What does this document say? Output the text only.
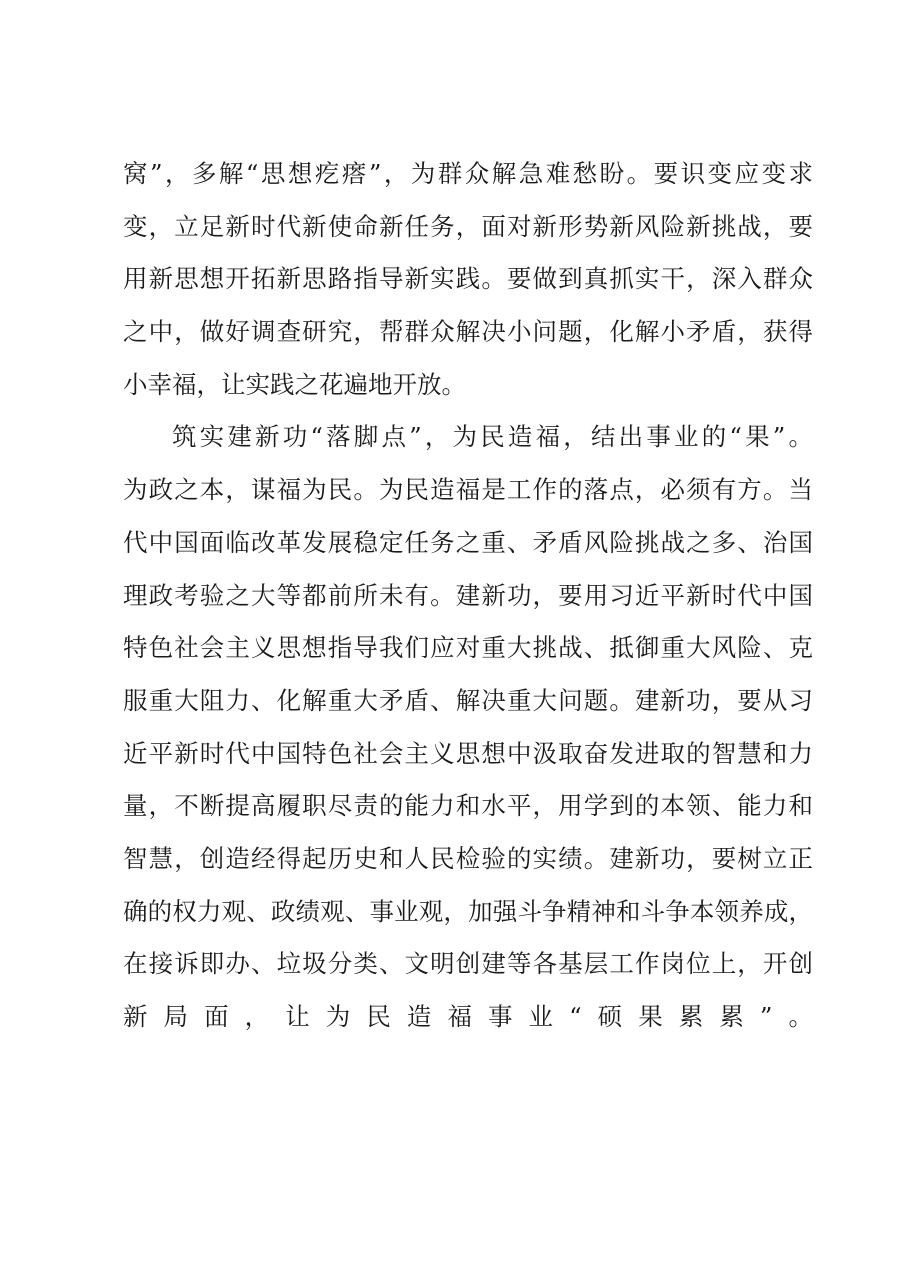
窝”，多解“思想疙瘩”，为群众解急难愁盼。要识变应变求
变，立足新时代新使命新任务，面对新形势新风险新挑战，要
用新思想开拓新思路指导新实践。要做到真抓实干，深入群众
之中，做好调查研究，帮群众解决小问题，化解小矛盾，获得
小幸福，让实践之花遍地开放。
筑实建新功“落脚点”，为民造福，结出事业的“果”。
为政之本，谋福为民。为民造福是工作的落点，必须有方。当
代中国面临改革发展稳定任务之重、矛盾风险挑战之多、治国
理政考验之大等都前所未有。建新功，要用习近平新时代中国
特色社会主义思想指导我们应对重大挑战、抵御重大风险、克
服重大阻力、化解重大矛盾、解决重大问题。建新功，要从习
近平新时代中国特色社会主义思想中汲取奋发进取的智慧和力
量，不断提高履职尽责的能力和水平，用学到的本领、能力和
智慧，创造经得起历史和人民检验的实绩。建新功，要树立正
确的权力观、政绩观、事业观，加强斗争精神和斗争本领养成，
在接诉即办、垃圾分类、文明创建等各基层工作岗位上，开创
新局面，让为民造福事业“硕果累累”。
